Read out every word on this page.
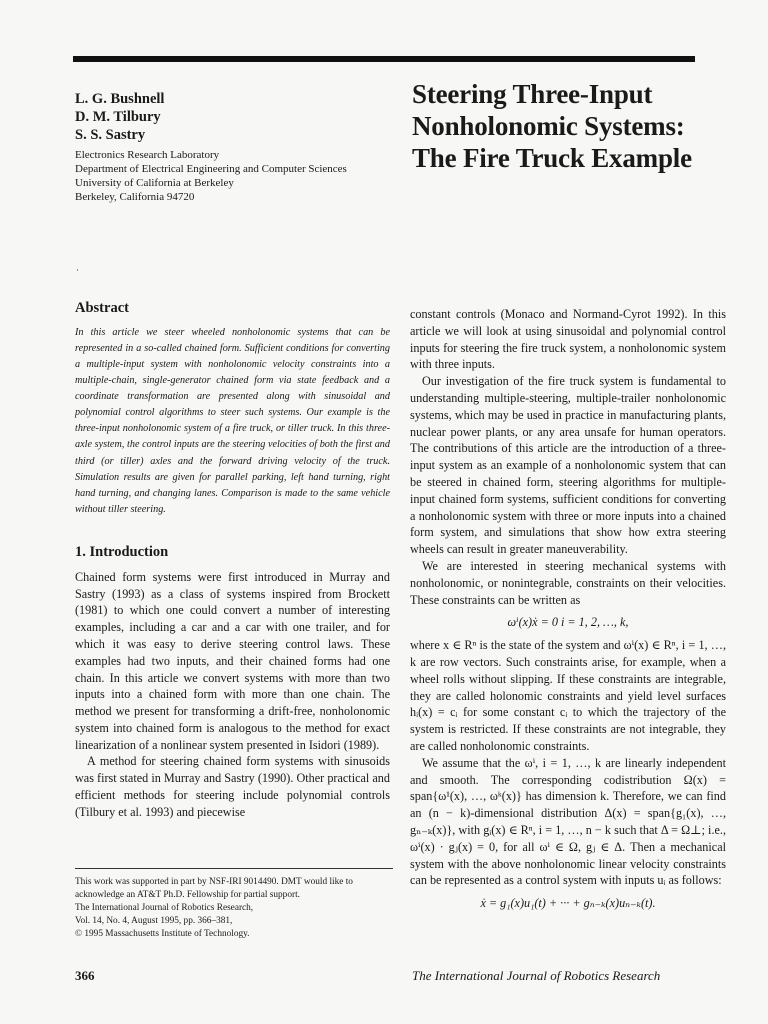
L. G. Bushnell
D. M. Tilbury
S. S. Sastry
Electronics Research Laboratory
Department of Electrical Engineering and Computer Sciences
University of California at Berkeley
Berkeley, California 94720
Steering Three-Input Nonholonomic Systems: The Fire Truck Example
·
Abstract

In this article we steer wheeled nonholonomic systems that can be represented in a so-called chained form. Sufficient conditions for converting a multiple-input system with nonholonomic velocity constraints into a multiple-chain, single-generator chained form via state feedback and a coordinate transformation are presented along with sinusoidal and polynomial control algorithms to steer such systems. Our example is the three-input nonholonomic system of a fire truck, or tiller truck. In this three-axle system, the control inputs are the steering velocities of both the first and third (or tiller) axles and the forward driving velocity of the truck. Simulation results are given for parallel parking, left hand turning, right hand turning, and changing lanes. Comparison is made to the same vehicle without tiller steering.

1. Introduction

Chained form systems were first introduced in Murray and Sastry (1993) as a class of systems inspired from Brockett (1981) to which one could convert a number of interesting examples, including a car and a car with one trailer, and for which it was easy to derive steering control laws. These examples had two inputs, and their chained forms had one chain. In this article we convert systems with more than two inputs into a chained form with more than one chain. The method we present for transforming a drift-free, nonholonomic system into chained form is analogous to the method for exact linearization of a nonlinear system presented in Isidori (1989).

A method for steering chained form systems with sinusoids was first stated in Murray and Sastry (1990). Other practical and efficient methods for steering include polynomial controls (Tilbury et al. 1993) and piecewise

constant controls (Monaco and Normand-Cyrot 1992). In this article we will look at using sinusoidal and polynomial control inputs for steering the fire truck system, a nonholonomic system with three inputs.

Our investigation of the fire truck system is fundamental to understanding multiple-steering, multiple-trailer nonholonomic systems, which may be used in practice in manufacturing plants, nuclear power plants, or any area unsafe for human operators. The contributions of this article are the introduction of a three-input system as an example of a nonholonomic system that can be steered in chained form, steering algorithms for multiple-input chained form systems, sufficient conditions for converting a nonholonomic system with three or more inputs into a chained form system, and simulations that show how extra steering wheels can result in greater maneuverability.

We are interested in steering mechanical systems with nonholonomic, or nonintegrable, constraints on their velocities. These constraints can be written as

ωⁱ(x)ẋ = 0 i = 1, 2, …, k,

where x ∈ Rⁿ is the state of the system and ωⁱ(x) ∈ Rⁿ, i = 1, …, k are row vectors. Such constraints arise, for example, when a wheel rolls without slipping. If these constraints are integrable, they are called holonomic constraints and yield level surfaces hᵢ(x) = cᵢ for some constant cᵢ to which the trajectory of the system is restricted. If these constraints are not integrable, they are called nonholonomic constraints.

We assume that the ωⁱ, i = 1, …, k are linearly independent and smooth. The corresponding codistribution Ω(x) = span{ω¹(x), …, ωᵏ(x)} has dimension k. Therefore, we can find an (n − k)-dimensional distribution Δ(x) = span{g₁(x), …, gₙ₋ₖ(x)}, with gᵢ(x) ∈ Rⁿ, i = 1, …, n − k such that Δ = Ω⊥; i.e., ωⁱ(x) · gⱼ(x) = 0, for all ωⁱ ∈ Ω, gⱼ ∈ Δ. Then a mechanical system with the above nonholonomic linear velocity constraints can be represented as a control system with inputs uᵢ as follows:

ẋ = g₁(x)u₁(t) + ··· + gₙ₋ₖ(x)uₙ₋ₖ(t).
This work was supported in part by NSF-IRI 9014490. DMT would like to acknowledge an AT&T Ph.D. Fellowship for partial support.
The International Journal of Robotics Research,
Vol. 14, No. 4, August 1995, pp. 366–381,
© 1995 Massachusetts Institute of Technology.
366	The International Journal of Robotics Research
